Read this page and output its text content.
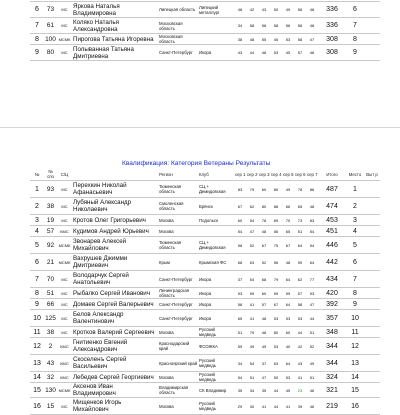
6	73	МС	Яркова Наталья Владимировна	Липецкая область	Липецкий металлург	48	42	43	50	49	56	48	336	6	
7	61	МС	Коляко Наталья Александровна	Московская область		34	58	58	58	56	56	48	336	7	
8	100	МСМК	Пирогова Татьяна Игоревна	Московская область		38	48	55	45	53	58	47	308	8	
9	80	МС	Полыванная Татьяна Дмитриевна	Санкт-Петербург	Икора	43	44	48	53	45	57	46	308	9	
Квалификация: Категория Ветераны Результаты
№	№ спо	С/Ц		Регион	Клуб	сер 1	сер 2	сер 3	сер 4	сер 5	сер 6	сер 7	Итого	Место	Выт р
1	93	МС	Перехкин Николай Афанасьевич	Тюменская область	СЦ + Демидовская	83	79	60	80	49	78	86	487	1	
2	38	МС	Лубяный Александр Николаевич	Смоленская область	Брянск	67	62	80	88	66	65	48	474	2	
3	19	МС	Кротов Олег Григорьевич	Москва	Подольск	60	54	78	89	70	73	83	453	3	
4	57	КМС	Кудимов Андрей Юрьевич	Москва		54	47	48	56	65	51	54	451	4	
5	92	МСМК	Звонарев Алексей Михайлович	Тюменская область	СЦ + Демидовская	58	52	67	75	67	64	54	446	5	
6	21	МСМК	Вахрушев Джимми Дмитриевич	Крым	Крымская ФС	68	63	52	56	48	59	64	442	6	
7	70	МС	Володарчук Сергей Анатольевич	Санкт-Петербург	Икора	37	54	68	79	64	62	77	434	7	
8	51	МС	Рыбалко Сергей Иванович	Ленинградская область	Икора	53	59	60	59	59	57	53	420	8	
9	66	МС	Домаев Сергей Валерьевич	Санкт-Петербург	Икора	58	41	57	67	64	58	47	392	9	
10	125	МС	Белов Александр Валентинович	Санкт-Петербург	Икора	65	41	48	53	53	53	44	357	10	
11	38	МС	Кротков Валерий Сергеевич	Москва	Русский медведь	51	79	48	80	60	44	51	348	11	
12	2	КМС	Гнитиенко Евгений Александрович	Краснодарский край	ФСОЖКА	59	49	49	53	40	42	52	344	12	
13	43	КМС	Скоселенъ Сергей Васильевич	Красноярский край	Русский медведь	34	54	37	63	64	43	49	344	13	
14	32	КМС	Лебедев Сергей Георгиевич	Москва	Русский медведь	54	51	47	50	53	41	51	324	14	
15	130	МСМК	Аксенов Иван Владимирович	Владимирская область	СК Владимир	35	34	35	44	45	23	46	321	15	
16	15	МС	Мищенков Игорь Михайлович	Москва	Русский медведь	29	30	41	44	41	39	46	219	16	
